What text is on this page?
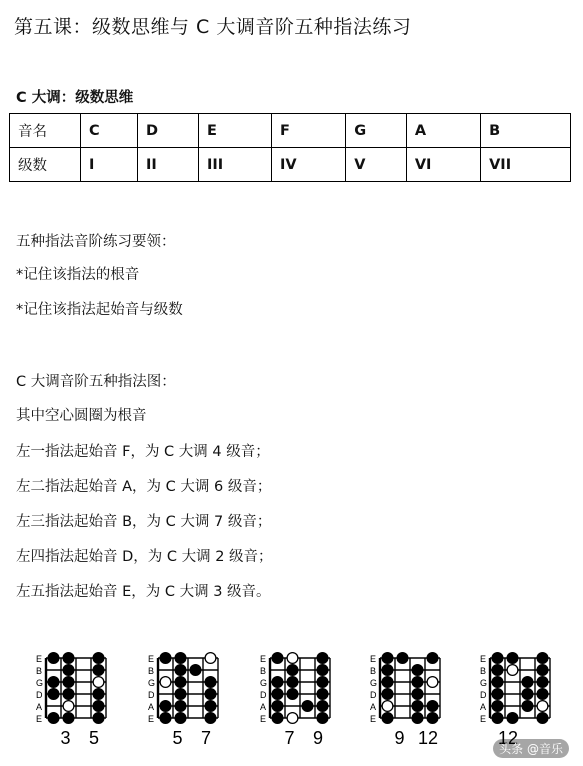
第五课：级数思维与 C 大调音阶五种指法练习
C 大调：级数思维
音名	C	D	E	F	G	A	B
级数	I	II	III	IV	V	VI	VII
五种指法音阶练习要领：
*记住该指法的根音
*记住该指法起始音与级数
C 大调音阶五种指法图：
其中空心圆圈为根音
左一指法起始音 F，为 C 大调 4 级音；
左二指法起始音 A，为 C 大调 6 级音；
左三指法起始音 B，为 C 大调 7 级音；
左四指法起始音 D，为 C 大调 2 级音；
左五指法起始音 E，为 C 大调 3 级音。
E
B
G
D
A
E
3 5
E
B
G
D
A
E
5 7
E
B
G
D
A
E
7 9
E
B
G
D
A
E
9 12
E
B
G
D
A
E
12
头条 @音乐
